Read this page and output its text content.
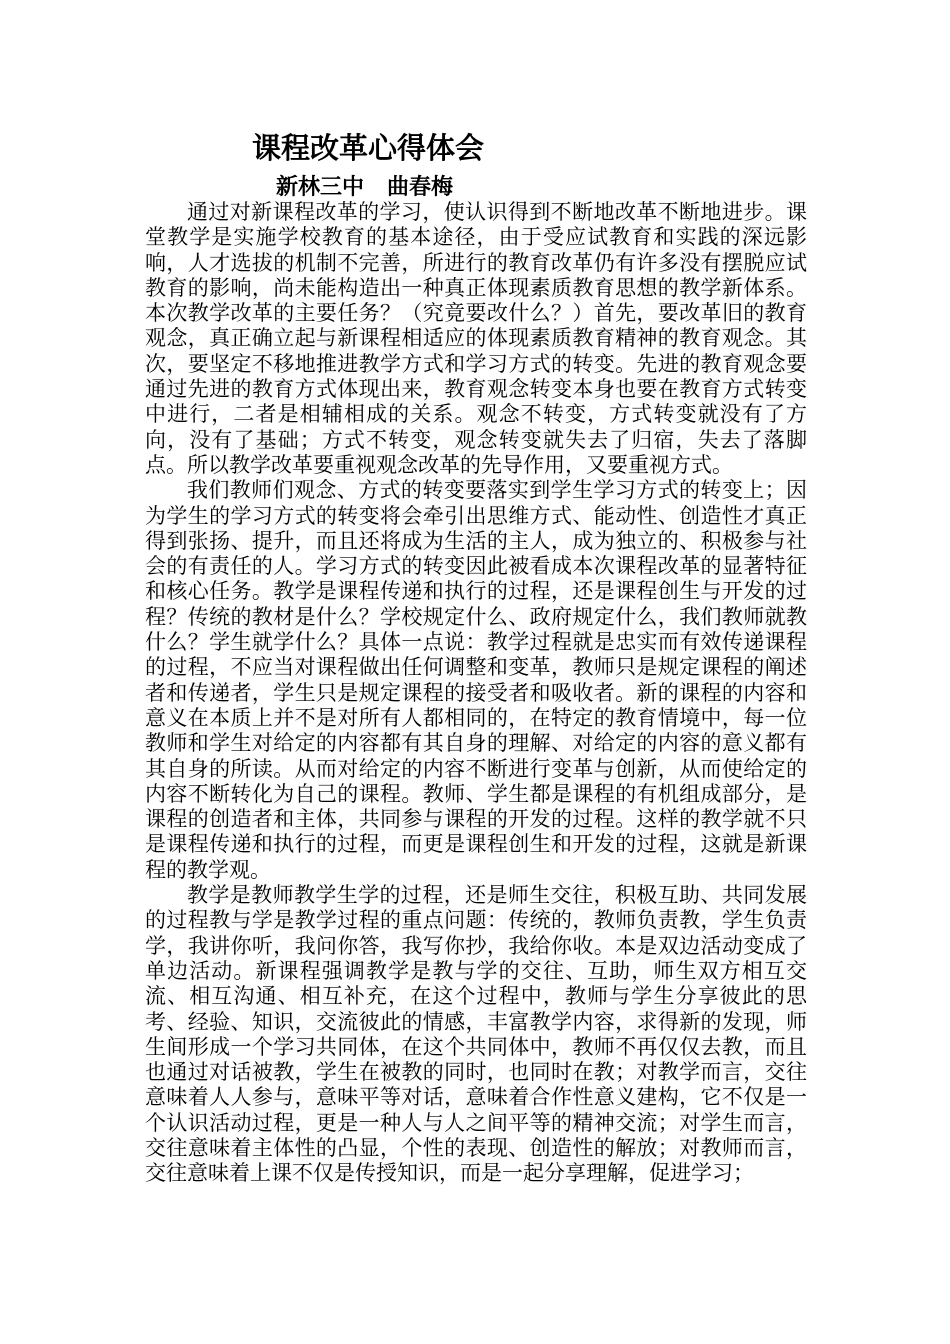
课程改革心得体会
新林三中   曲春梅

通过对新课程改革的学习，使认识得到不断地改革不断地进步。课堂教学是实施学校教育的基本途径，由于受应试教育和实践的深远影响，人才选拔的机制不完善，所进行的教育改革仍有许多没有摆脱应试教育的影响，尚未能构造出一种真正体现素质教育思想的教学新体系。本次教学改革的主要任务？（究竟要改什么？）首先，要改革旧的教育观念，真正确立起与新课程相适应的体现素质教育精神的教育观念。其次，要坚定不移地推进教学方式和学习方式的转变。先进的教育观念要通过先进的教育方式体现出来，教育观念转变本身也要在教育方式转变中进行，二者是相辅相成的关系。观念不转变，方式转变就没有了方向，没有了基础；方式不转变，观念转变就失去了归宿，失去了落脚点。所以教学改革要重视观念改革的先导作用，又要重视方式。

我们教师们观念、方式的转变要落实到学生学习方式的转变上；因为学生的学习方式的转变将会牵引出思维方式、能动性、创造性才真正得到张扬、提升，而且还将成为生活的主人，成为独立的、积极参与社会的有责任的人。学习方式的转变因此被看成本次课程改革的显著特征和核心任务。教学是课程传递和执行的过程，还是课程创生与开发的过程？传统的教材是什么？学校规定什么、政府规定什么，我们教师就教什么？学生就学什么？具体一点说：教学过程就是忠实而有效传递课程的过程，不应当对课程做出任何调整和变革，教师只是规定课程的阐述者和传递者，学生只是规定课程的接受者和吸收者。新的课程的内容和意义在本质上并不是对所有人都相同的，在特定的教育情境中，每一位教师和学生对给定的内容都有其自身的理解、对给定的内容的意义都有其自身的所读。从而对给定的内容不断进行变革与创新，从而使给定的内容不断转化为自己的课程。教师、学生都是课程的有机组成部分，是课程的创造者和主体，共同参与课程的开发的过程。这样的教学就不只是课程传递和执行的过程，而更是课程创生和开发的过程，这就是新课程的教学观。

教学是教师教学生学的过程，还是师生交往，积极互助、共同发展的过程教与学是教学过程的重点问题：传统的，教师负责教，学生负责学，我讲你听，我问你答，我写你抄，我给你收。本是双边活动变成了单边活动。新课程强调教学是教与学的交往、互助，师生双方相互交流、相互沟通、相互补充，在这个过程中，教师与学生分享彼此的思考、经验、知识，交流彼此的情感，丰富教学内容，求得新的发现，师生间形成一个学习共同体，在这个共同体中，教师不再仅仅去教，而且也通过对话被教，学生在被教的同时，也同时在教；对教学而言，交往意味着人人参与，意味平等对话，意味着合作性意义建构，它不仅是一个认识活动过程，更是一种人与人之间平等的精神交流；对学生而言，交往意味着主体性的凸显，个性的表现、创造性的解放；对教师而言，交往意味着上课不仅是传授知识，而是一起分享理解，促进学习；
